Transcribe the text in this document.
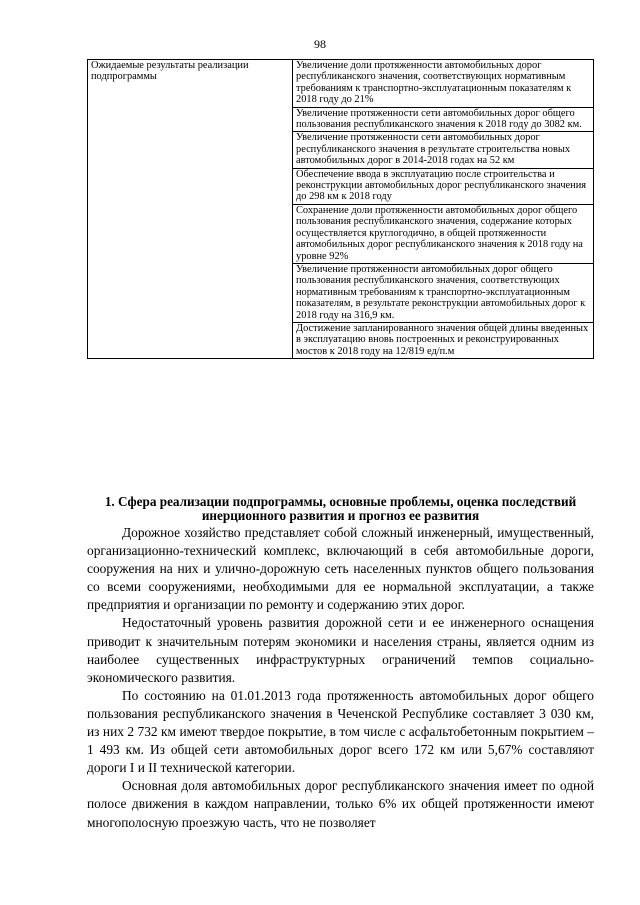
98
Ожидаемые результаты реализации подпрограммы	Увеличение доли протяженности автомобильных дорог республиканского значения, соответствующих нормативным требованиям к транспортно-эксплуатационным показателям к 2018 году до 21%
Увеличение протяженности сети автомобильных дорог общего пользования республиканского значения к 2018 году до 3082 км.
Увеличение протяженности сети автомобильных дорог республиканского значения в результате строительства новых автомобильных дорог в 2014-2018 годах на 52 км
Обеспечение ввода в эксплуатацию после строительства и реконструкции автомобильных дорог республиканского значения до 298 км к 2018 году
Сохранение доли протяженности автомобильных дорог общего пользования республиканского значения, содержание которых осуществляется круглогодично, в общей протяженности автомобильных дорог республиканского значения к 2018 году на уровне 92%
Увеличение протяженности автомобильных дорог общего пользования республиканского значения, соответствующих нормативным требованиям к транспортно-эксплуатационным показателям, в результате реконструкции автомобильных дорог к 2018 году на 316,9 км.
Достижение запланированного значения общей длины введенных в эксплуатацию вновь построенных и реконструированных мостов к 2018 году на 12/819 ед/п.м
1. Сфера реализации подпрограммы, основные проблемы, оценка последствий инерционного развития и прогноз ее развития

Дорожное хозяйство представляет собой сложный инженерный, имущественный, организационно-технический комплекс, включающий в себя автомобильные дороги, сооружения на них и улично-дорожную сеть населенных пунктов общего пользования со всеми сооружениями, необходимыми для ее нормальной эксплуатации, а также предприятия и организации по ремонту и содержанию этих дорог.

Недостаточный уровень развития дорожной сети и ее инженерного оснащения приводит к значительным потерям экономики и населения страны, является одним из наиболее существенных инфраструктурных ограничений темпов социально-экономического развития.

По состоянию на 01.01.2013 года протяженность автомобильных дорог общего пользования республиканского значения в Чеченской Республике составляет 3 030 км, из них 2 732 км имеют твердое покрытие, в том числе с асфальтобетонным покрытием – 1 493 км. Из общей сети автомобильных дорог всего 172 км или 5,67% составляют дороги I и II технической категории.

Основная доля автомобильных дорог республиканского значения имеет по одной полосе движения в каждом направлении, только 6% их общей протяженности имеют многополосную проезжую часть, что не позволяет
